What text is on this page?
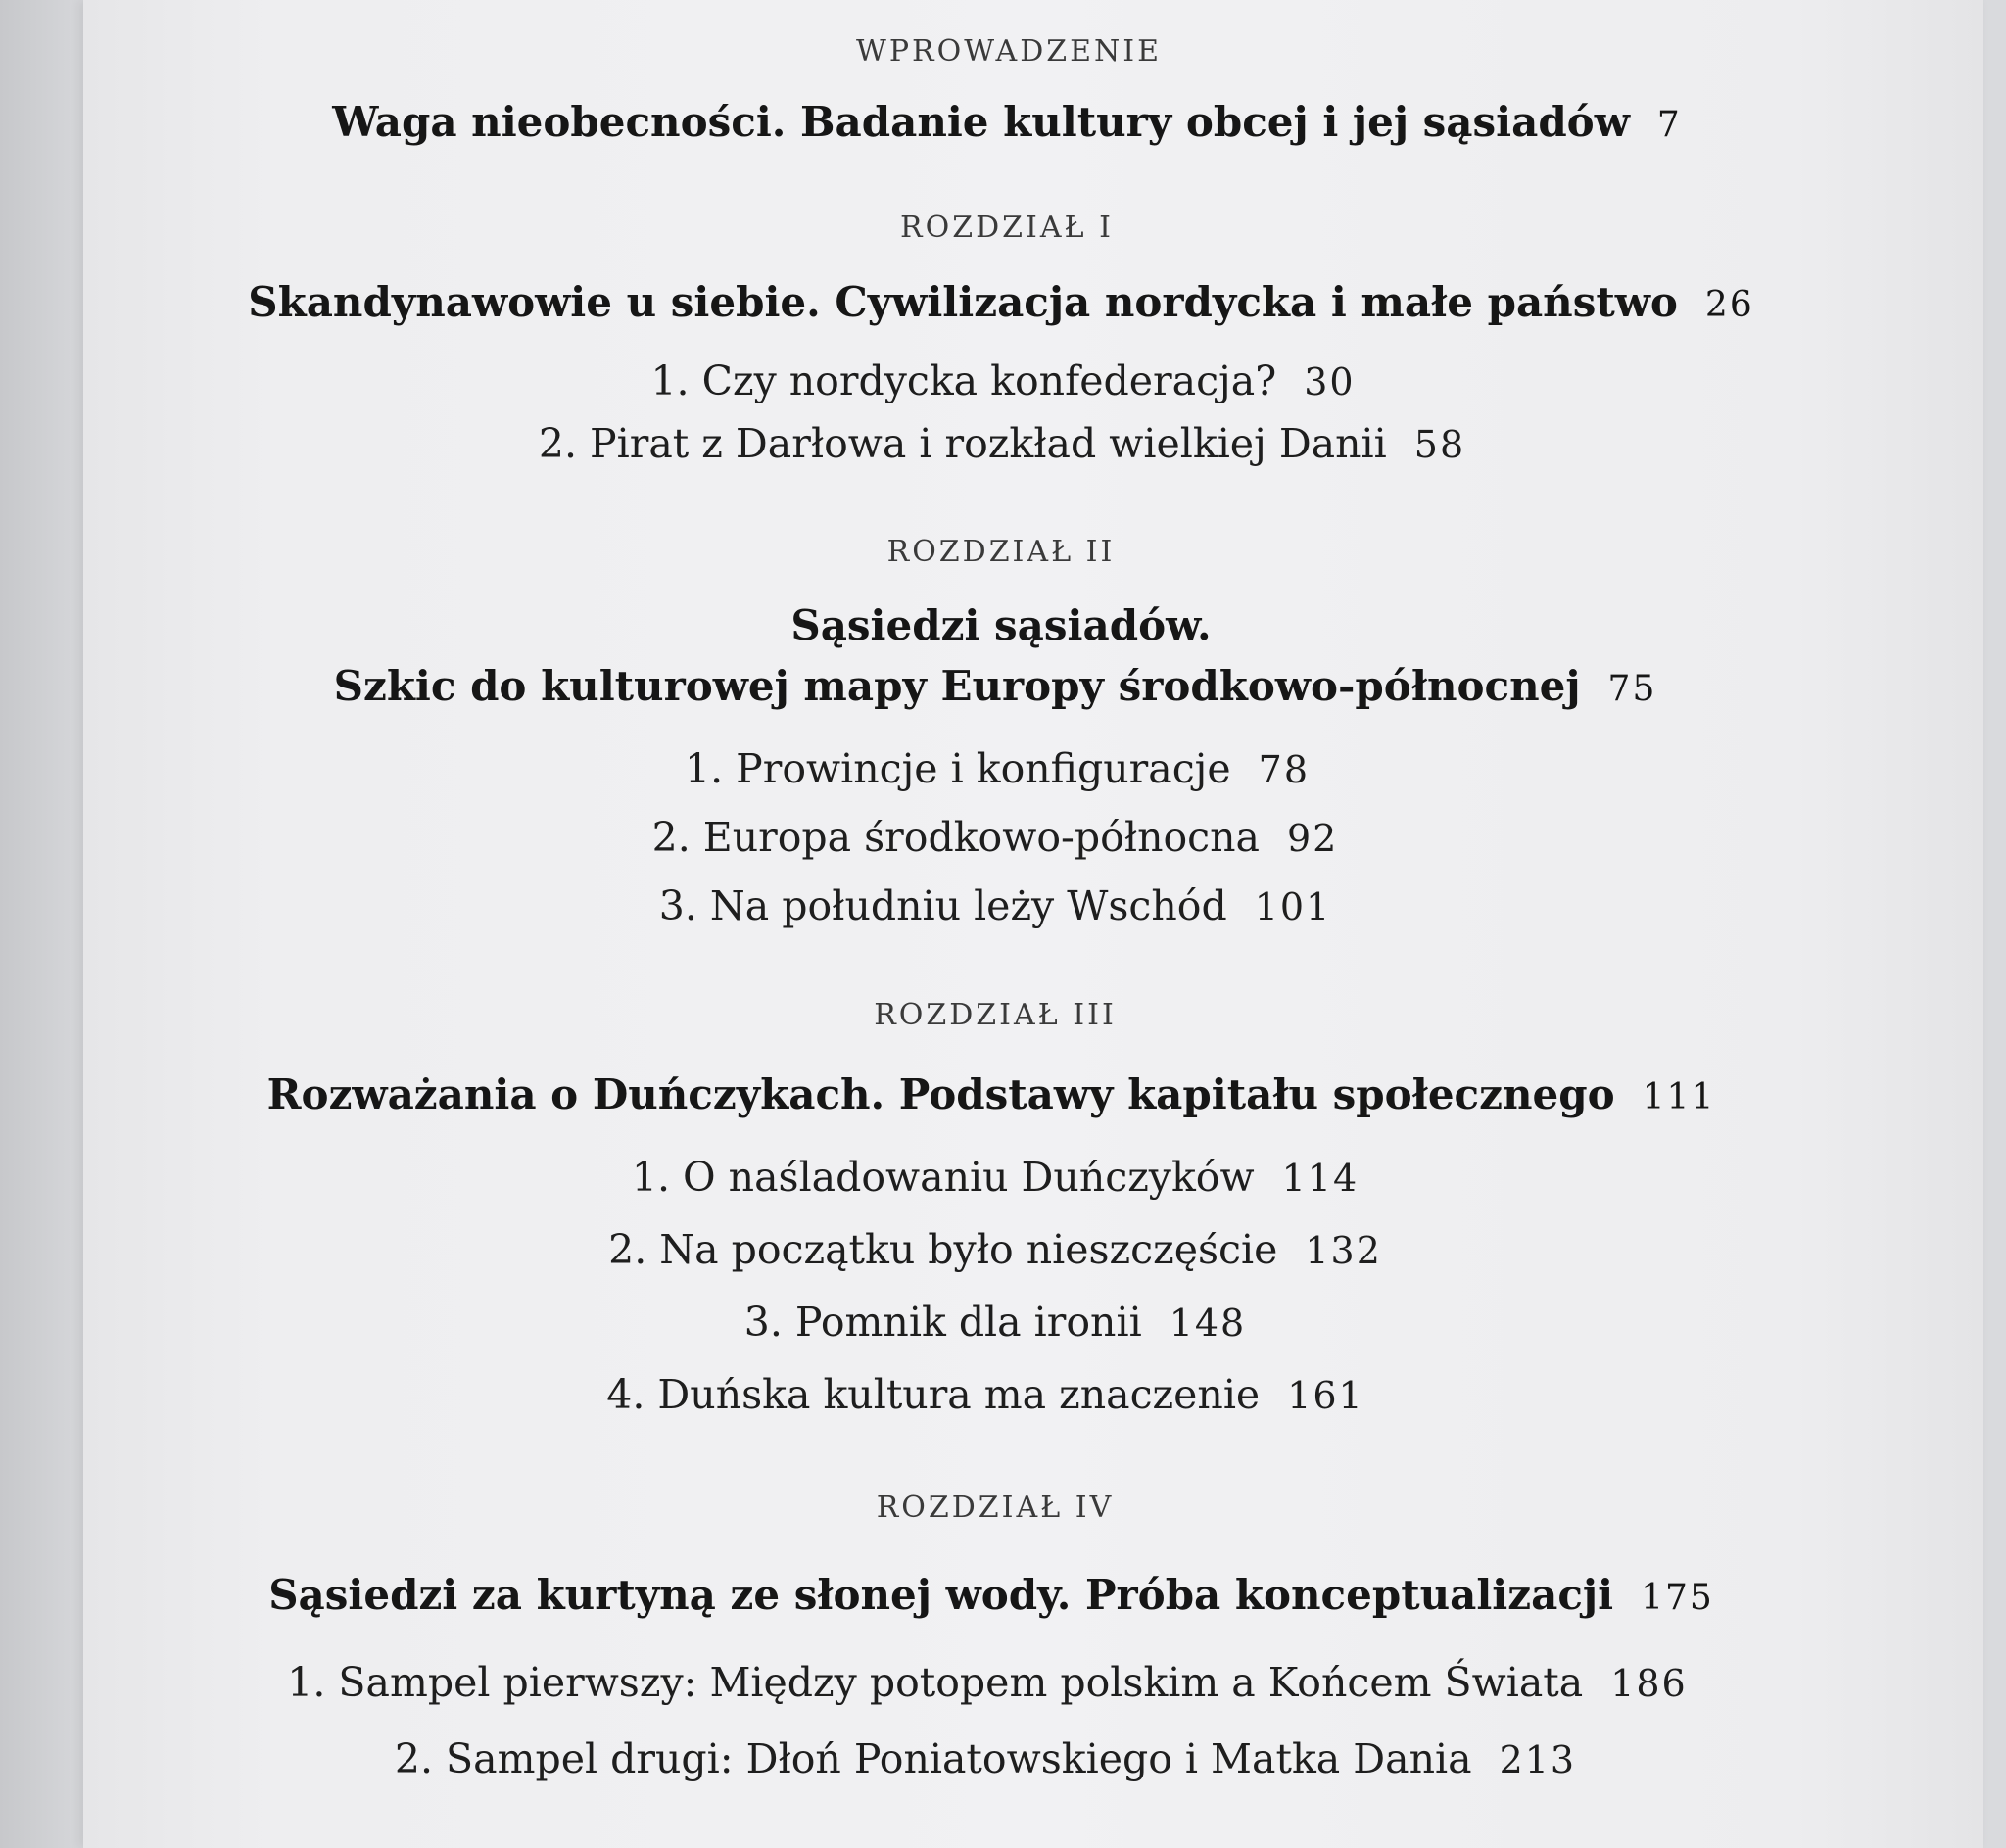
WPROWADZENIE
Waga nieobecności. Badanie kultury obcej i jej sąsiadów 7
ROZDZIAŁ I
Skandynawowie u siebie. Cywilizacja nordycka i małe państwo 26
1. Czy nordycka konfederacja? 30
2. Pirat z Darłowa i rozkład wielkiej Danii 58
ROZDZIAŁ II
Sąsiedzi sąsiadów.
Szkic do kulturowej mapy Europy środkowo-północnej 75
1. Prowincje i konfiguracje 78
2. Europa środkowo-północna 92
3. Na południu leży Wschód 101
ROZDZIAŁ III
Rozważania o Duńczykach. Podstawy kapitału społecznego 111
1. O naśladowaniu Duńczyków 114
2. Na początku było nieszczęście 132
3. Pomnik dla ironii 148
4. Duńska kultura ma znaczenie 161
ROZDZIAŁ IV
Sąsiedzi za kurtyną ze słonej wody. Próba konceptualizacji 175
1. Sampel pierwszy: Między potopem polskim a Końcem Świata 186
2. Sampel drugi: Dłoń Poniatowskiego i Matka Dania 213
